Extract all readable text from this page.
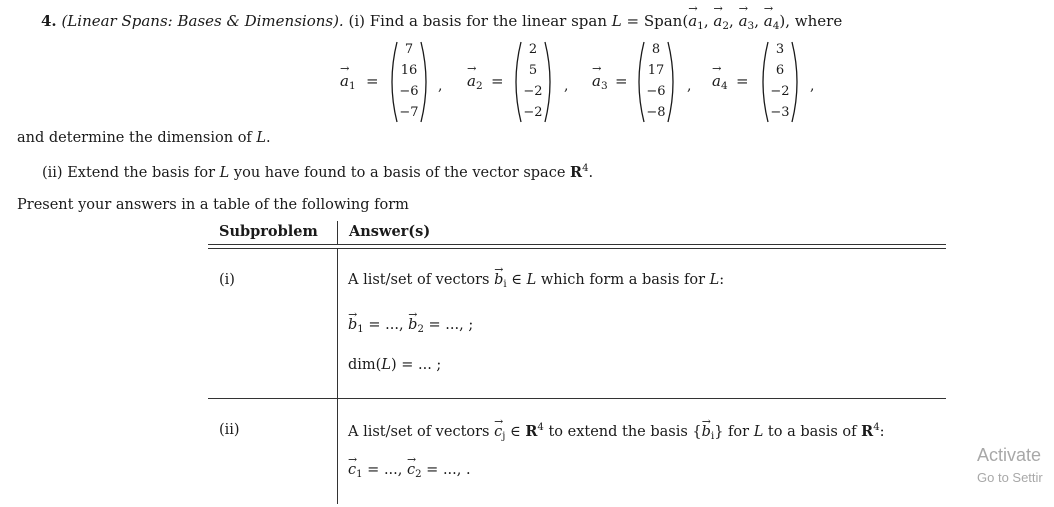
4. (Linear Spans: Bases & Dimensions). (i) Find a basis for the linear span L = Span(→ $a_1$, → $a_2$, → $a_3$, → $a_4$), where
→ $a_1$ =
7
16
−6
−7
, → $a_2$ =
2
5
−2
−2
, → $a_3$ =
8
17
−6
−8
, → $a_4$ =
3
6
−2
−3
,
and determine the dimension of L.
(ii) Extend the basis for L you have found to a basis of the vector space $R^4$.
Present your answers in a table of the following form
Subproblem Answer(s)
(i)	A list/set of vectors → $b_i$ ∈ L which form a basis for L:
→ $b_1$ = ..., → $b_2$ = ..., ;
dim(L) = ... ;
(ii)	A list/set of vectors → $c_j$ ∈ $R^4$ to extend the basis {→ $b_i$} for L to a basis of $R^4$:
→ $c_1$ = ..., → $c_2$ = ..., .
Activate
Go to Settir
